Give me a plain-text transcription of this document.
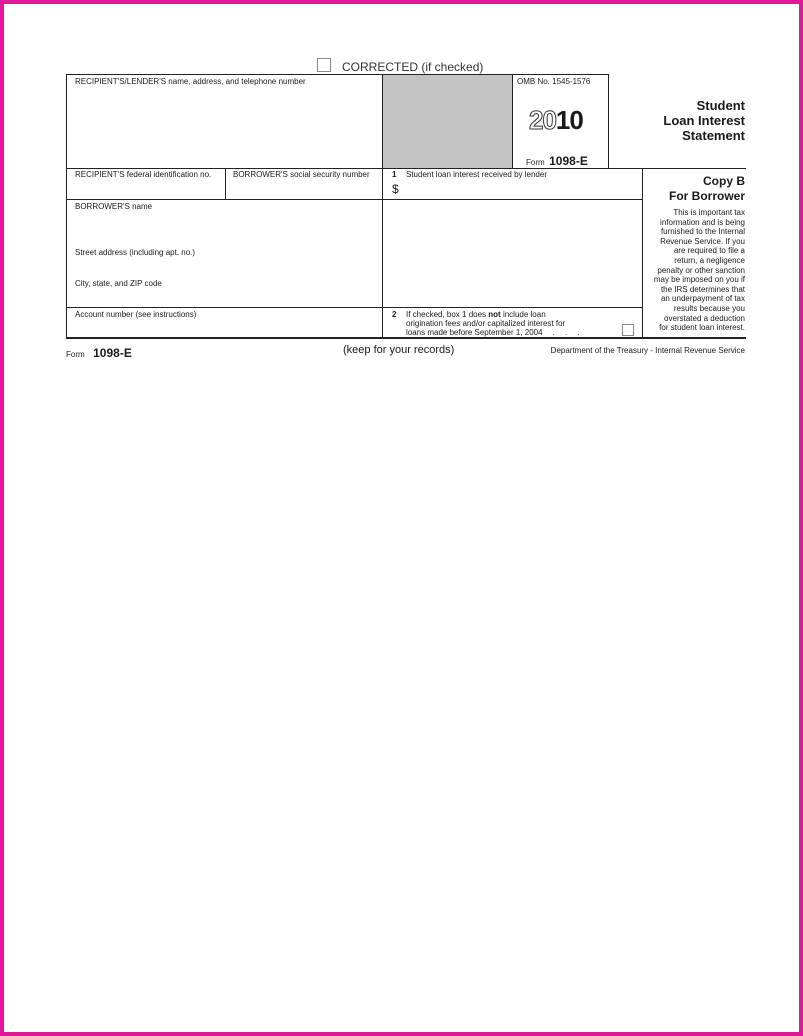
CORRECTED (if checked)
RECIPIENT'S/LENDER'S name, address, and telephone number	OMB No. 1545-1576
2010
Form 1098-E
Student
Loan Interest
Statement
RECIPIENT'S federal identification no.	BORROWER'S social security number	1 Student loan interest received by lender
$
BORROWER'S name
Street address (including apt. no.)
City, state, and ZIP code
Account number (see instructions)	2 If checked, box 1 does not include loan
origination fees and/or capitalized interest for
loans made before September 1, 2004 . . .
Copy B
For Borrower
This is important tax
information and is being
furnished to the Internal
Revenue Service. If you
are required to file a
return, a negligence
penalty or other sanction
may be imposed on you if
the IRS determines that
an underpayment of tax
results because you
overstated a deduction
for student loan interest.
Form 1098-E	(keep for your records)	Department of the Treasury - Internal Revenue Service
